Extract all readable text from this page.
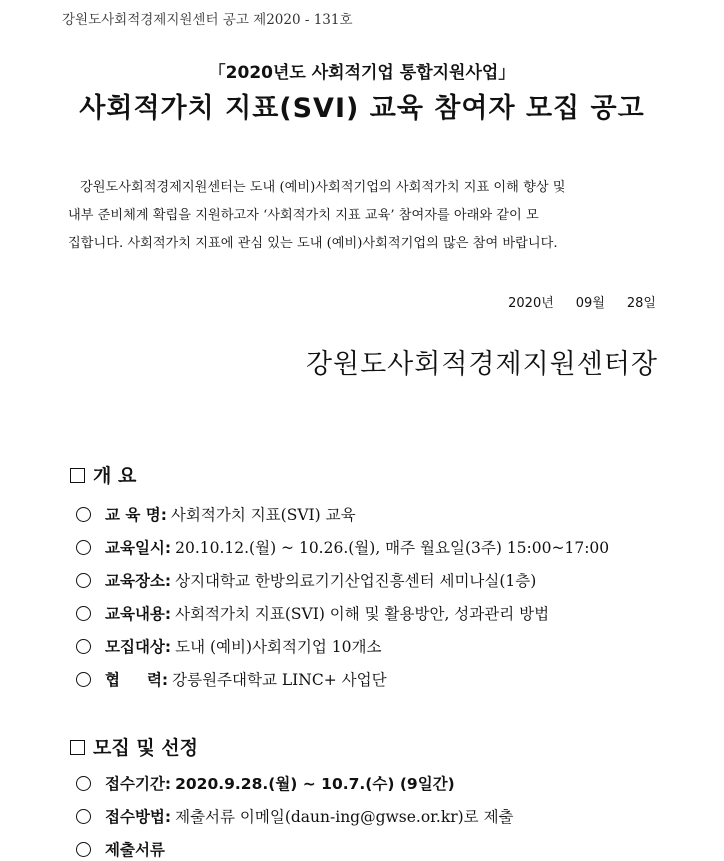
강원도사회적경제지원센터 공고 제2020 - 131호
「2020년도 사회적기업 통합지원사업」
사회적가치 지표(SVI) 교육 참여자 모집 공고
강원도사회적경제지원센터는 도내 (예비)사회적기업의 사회적가치 지표 이해 향상 및
내부 준비체계 확립을 지원하고자 ‘사회적가치 지표 교육’ 참여자를 아래와 같이 모
집합니다. 사회적가치 지표에 관심 있는 도내 (예비)사회적기업의 많은 참여 바랍니다.
2020년 09월 28일
강원도사회적경제지원센터장
개 요
교 육 명: 사회적가치 지표(SVI) 교육
교육일시: 20.10.12.(월) ~ 10.26.(월), 매주 월요일(3주) 15:00~17:00
교육장소: 상지대학교 한방의료기기산업진흥센터 세미나실(1층)
교육내용: 사회적가치 지표(SVI) 이해 및 활용방안, 성과관리 방법
모집대상: 도내 (예비)사회적기업 10개소
협     력: 강릉원주대학교 LINC+ 사업단
모집 및 선정
접수기간: 2020.9.28.(월) ~ 10.7.(수) (9일간)
접수방법: 제출서류 이메일(daun-ing@gwse.or.kr)로 제출
제출서류
